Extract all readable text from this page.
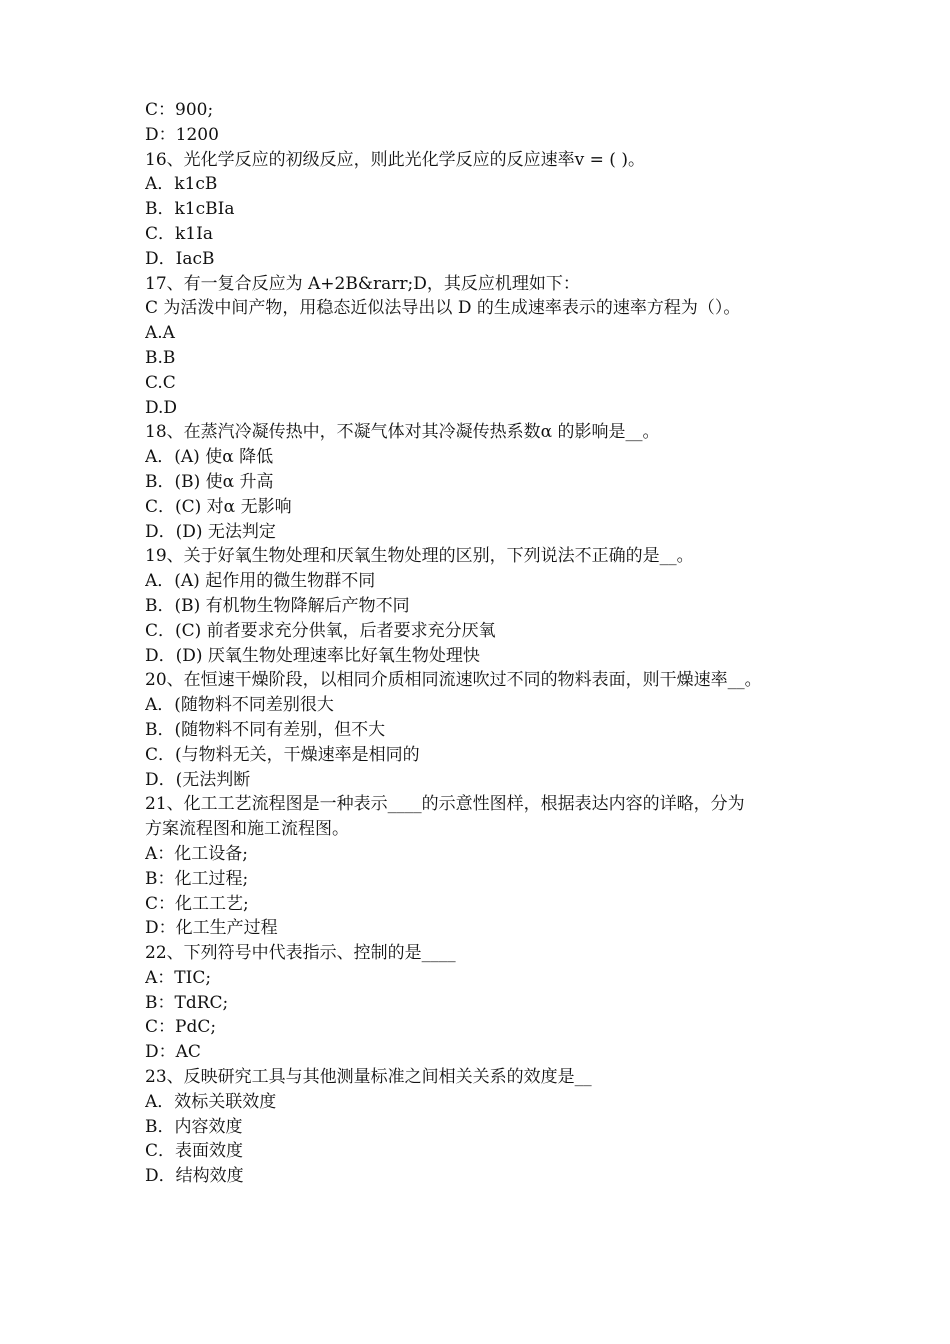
C：900;
D：1200
16、光化学反应的初级反应，则此光化学反应的反应速率v = ( )。
A．k1cB
B．k1cBIa
C．k1Ia
D．IacB
17、有一复合反应为 A+2B&rarr;D，其反应机理如下：
C 为活泼中间产物，用稳态近似法导出以 D 的生成速率表示的速率方程为（）。
A.A
B.B
C.C
D.D
18、在蒸汽冷凝传热中，不凝气体对其冷凝传热系数α 的影响是__。
A．(A) 使α 降低
B．(B) 使α 升高
C．(C) 对α 无影响
D．(D) 无法判定
19、关于好氧生物处理和厌氧生物处理的区别，下列说法不正确的是__。
A．(A) 起作用的微生物群不同
B．(B) 有机物生物降解后产物不同
C．(C) 前者要求充分供氧，后者要求充分厌氧
D．(D) 厌氧生物处理速率比好氧生物处理快
20、在恒速干燥阶段，以相同介质相同流速吹过不同的物料表面，则干燥速率__。
A．(随物料不同差别很大
B．(随物料不同有差别，但不大
C．(与物料无关，干燥速率是相同的
D．(无法判断
21、化工工艺流程图是一种表示____的示意性图样，根据表达内容的详略，分为
方案流程图和施工流程图。
A：化工设备;
B：化工过程;
C：化工工艺;
D：化工生产过程
22、下列符号中代表指示、控制的是____
A：TIC;
B：TdRC;
C：PdC;
D：AC
23、反映研究工具与其他测量标准之间相关关系的效度是__
A．效标关联效度
B．内容效度
C．表面效度
D．结构效度
